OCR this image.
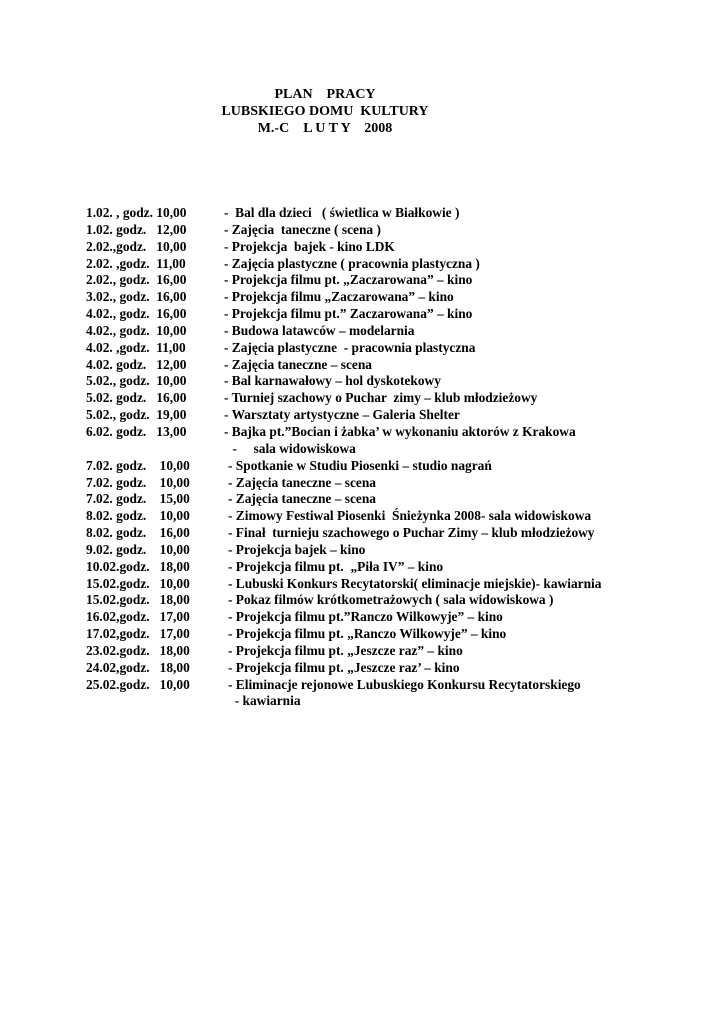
PLAN    PRACY
LUBSKIEGO DOMU  KULTURY
M.-C    L U T Y    2008
1.02. , godz. 10,00	-  Bal dla dzieci   ( świetlica w Białkowie )
1.02. godz.   12,00	- Zajęcia  taneczne ( scena )
2.02.,godz.   10,00	- Projekcja  bajek - kino LDK
2.02. ,godz.  11,00	- Zajęcia plastyczne ( pracownia plastyczna )
2.02., godz.  16,00	- Projekcja filmu pt. „Zaczarowana” – kino
3.02., godz.  16,00	- Projekcja filmu „Zaczarowana” – kino
4.02., godz.  16,00	- Projekcja filmu pt.” Zaczarowana” – kino
4.02., godz.  10,00	- Budowa latawców – modelarnia
4.02. ,godz.  11,00	- Zajęcia plastyczne  - pracownia plastyczna
4.02. godz.   12,00	- Zajęcia taneczne – scena
5.02., godz.  10,00	- Bal karnawałowy – hol dyskotekowy
5.02. godz.   16,00	- Turniej szachowy o Puchar  zimy – klub młodzieżowy
5.02., godz.  19,00	- Warsztaty artystyczne – Galeria Shelter
6.02. godz.   13,00	- Bajka pt.”Bocian i żabka’ w wykonaniu aktorów z Krakowa
-     sala widowiskowa
7.02. godz.    10,00	- Spotkanie w Studiu Piosenki – studio nagrań
7.02. godz.    10,00	- Zajęcia taneczne – scena
7.02. godz.    15,00	- Zajęcia taneczne – scena
8.02. godz.    10,00	- Zimowy Festiwal Piosenki  Śnieżynka 2008- sala widowiskowa
8.02. godz.    16,00	- Finał  turnieju szachowego o Puchar Zimy – klub młodzieżowy
9.02. godz.    10,00	- Projekcja bajek – kino
10.02.godz.   18,00	- Projekcja filmu pt.  „Piła IV” – kino
15.02.godz.   10,00	- Lubuski Konkurs Recytatorski( eliminacje miejskie)- kawiarnia
15.02.godz.   18,00	- Pokaz filmów krótkometrażowych ( sala widowiskowa )
16.02,godz.   17,00	- Projekcja filmu pt.”Ranczo Wilkowyje” – kino
17.02,godz.   17,00	- Projekcja filmu pt. „Ranczo Wilkowyje” – kino
23.02.godz.   18,00	- Projekcja filmu pt. „Jeszcze raz” – kino
24.02,godz.   18,00	- Projekcja filmu pt. „Jeszcze raz’ – kino
25.02.godz.   10,00	- Eliminacje rejonowe Lubuskiego Konkursu Recytatorskiego
- kawiarnia
